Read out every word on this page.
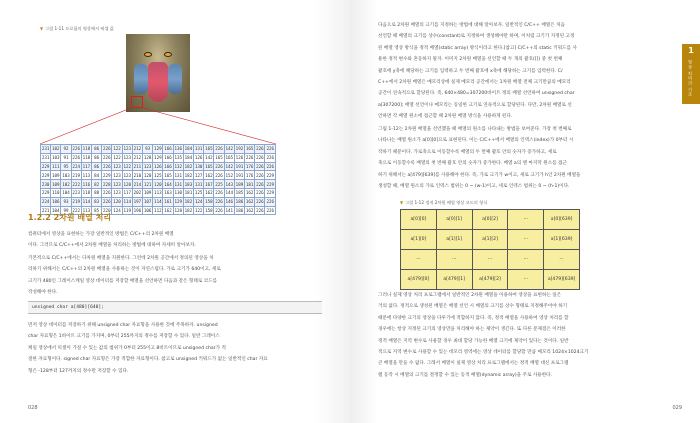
▼ 그림 1-11 프로필의 영상에서 픽셀 값
231	102	92	226	118	86	226	122	123	212	93	129	166	136	184	131	165	226	142	192	165	226	226
231	103	91	226	118	86	226	122	123	212	128	129	166	135	184	126	142	165	165	126	226	226	226
229	111	95	224	117	86	226	123	122	211	123	126	166	132	182	130	165	226	142	191	176	226	226
229	109	103	219	113	84	229	123	123	210	120	125	165	131	182	127	162	226	152	191	176	226	229
230	109	102	222	116	82	228	123	120	214	121	120	164	131	183	131	167	225	143	189	181	226	229
229	110	104	223	118	88	226	123	117	202	109	113	163	130	181	125	162	226	144	185	162	226	229
224	106	93	219	114	83	226	120	114	197	107	114	161	129	182	124	158	226	146	186	162	226	226
221	104	99	222	113	85	220	124	119	196	106	112	162	128	182	122	158	226	141	186	162	226	226
1.2.2 2차원 배열 처리
컴퓨터에서 영상을 표현하는 가장 일반적인 방법은 C/C++의 2차원 배열
이다. 그러므로 C/C++에서 2차원 배열을 처리하는 방법에 대하여 자세히 알아보자.
기본적으로 C/C++에서는 다차원 배열을 지원한다. 그런데 2차원 공간에서 정의된 영상을 처
리하기 위해서는 C/C++의 2차원 배열을 사용하는 것이 자연스럽다. 가로 크기가 640이고, 세로
크기가 480인 그레이스케일 영상 데이터를 저장할 배열을 선언하면 다음과 같은 형태로 코드를
작성해야 한다.
unsigned char a[480][640];
먼저 영상 데이터를 저장하기 위해 unsigned char 자료형을 사용한 것에 주목하자. unsigned
char 자료형은 1바이트 크기를 가지며, 0부터 255까지의 정수를 저장할 수 있다. 일반 그레이스
케일 영상에서 픽셀이 가질 수 있는 값의 범위가 0부터 255이고 8비트이므로 unsigned char가 적
절한 자료형이다. signed char 자료형은 가장 적합한 자료형이다. 참고로 unsigned 키워드가 없는 일반적인 char 자료
형은 -128부터 127까지의 정수만 저장할 수 있다.
028
1
영상 처리의 기초
다음으로 2차원 배열의 크기를 지정하는 방법에 대해 알아보자. 일반적인 C/C++ 배열은 처음
선언할 때 배열의 크기를 상수(constant)로 지정하여 생성해야만 하며, 이처럼 크기가 지정된 고정
된 배열 영상 방식을 정적 배열(static array) 방식이라고 한다.[참고] C/C++의 static 키워드를 사
용한 정적 변수와 혼동하지 말자. 이미지 2차원 배열을 선언할 때 두 개의 괄호([]) 중 첫 번째
괄호에 y축에 해당하는 크기를 입력하고 두 번째 괄호에 x축에 해당하는 크기를 입력한다. C/
C++에서 2차원 배열은 메모리상에 실제 메모리 공간에서는 1차원 배열 전체 크기만큼의 메모리
공간이 연속적으로 할당된다. 즉, 640×480=307200바이트 정의 배열 선언하여 unsigned char
a[307200]; 배열 선언이나 메모리는 동일한 크기로 연속적으로 할당된다. 다만, 2차원 배열로 선
언하면 각 배열 원소에 접근할 때 2차원 배열 방식을 사용하게 된다.
그림 1-12는 2차원 배열을 선언했을 때 배열의 원소를 나타내는 방법을 보여준다. 가장 첫 번째로
나타나는 배열 원소가 a[0][0]으로 표현된다. 이는 C/C++에서 배열의 인덱스(index)가 0부터 시
작하기 때문이다. 가로축으로 이동할수록 배열의 두 번째 괄호 안의 숫자가 증가하고, 세로
축으로 이동할수록 배열의 첫 번째 괄호 안의 숫자가 증가한다. 배열 a의 맨 마지막 원소를 접근
하기 위해서는 a[479][639]를 사용해야 한다. 즉, 가로 크기가 w이고, 세로 크기가 h인 2차원 배열을
생성할 때, 배열 원소의 가로 인덱스 범위는 0 ~ (w-1)이고, 세로 인덱스 범위는 0 ~ (h-1)이다.
▼ 그림 1-12 정적 2차원 배열 영상 코드의 형식
그러나 실제 영상 처리 프로그램에서 일반적인 2차원 배열을 이용하여 영상을 표현하는 일은
거의 없다. 정적으로 생성된 배열은 배열 선언 시 배열의 크기를 상수 형태로 지정해주어야 하기
때문에 다양한 크기의 영상을 다루기에 적합하지 않다. 즉, 정적 배열을 사용하여 영상 처리를 할
경우에는 항상 지정된 크기의 영상만을 처리해야 하는 제약이 생긴다. 또 다른 문제점은 이러한
정적 배열은 지역 변수로 사용할 경우 최대 할당 가능한 배열 크기에 제약이 있다는 것이다. 일반
적으로 지역 변수로 사용할 수 있는 데모리 영역에는 영상 데이터를 할당할 만큼 메모리 1024×1024크기
큰 배열을 만들 수 없다. 그래서 배열이 실제 영상 처리 프로그램에서는 정적 배열 대신 프로그램
램 동작 시 배열의 크기를 결정할 수 있는 동적 배열(dynamic array)을 주로 사용한다.
029
a[0][0]	a[0][1]	a[0][2]	···	a[0][639]
a[1][0]	a[1][1]	a[1][2]	···	a[1][639]
···	···	···	···	···
a[479][0]	a[479][1]	a[479][2]	···	a[479][639]
